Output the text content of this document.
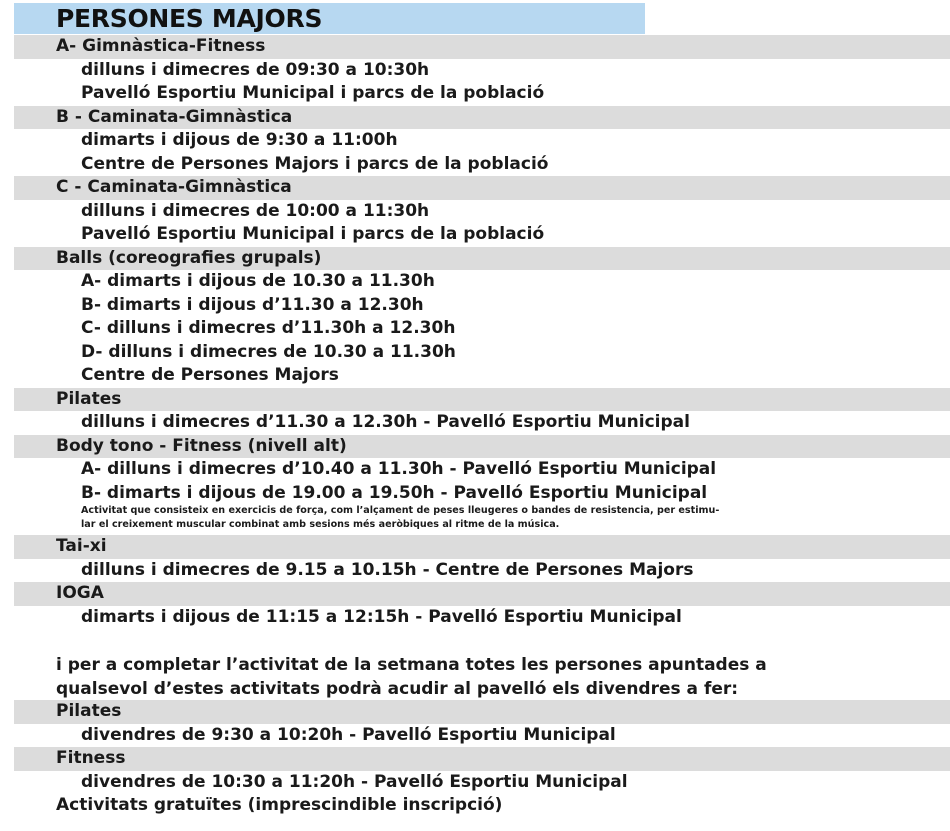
PERSONES MAJORS
A- Gimnàstica-Fitness
dilluns i dimecres de 09:30 a 10:30h
Pavelló Esportiu Municipal i parcs de la població
B - Caminata-Gimnàstica
dimarts i dijous de 9:30 a 11:00h
Centre de Persones Majors i parcs de la població
C - Caminata-Gimnàstica
dilluns i dimecres de 10:00 a 11:30h
Pavelló Esportiu Municipal i parcs de la població
Balls (coreografies grupals)
A- dimarts i dijous de 10.30 a 11.30h
B- dimarts i dijous d’11.30 a 12.30h
C- dilluns i dimecres d’11.30h a 12.30h
D- dilluns i dimecres de 10.30 a 11.30h
Centre de Persones Majors
Pilates
dilluns i dimecres d’11.30 a 12.30h - Pavelló Esportiu Municipal
Body tono - Fitness (nivell alt)
A- dilluns i dimecres d’10.40 a 11.30h - Pavelló Esportiu Municipal
B- dimarts i dijous de 19.00 a 19.50h - Pavelló Esportiu Municipal
Activitat que consisteix en exercicis de força, com l’alçament de peses lleugeres o bandes de resistencia, per estimu-
lar el creixement muscular combinat amb sesions més aeròbiques al ritme de la música.
Tai-xi
dilluns i dimecres de 9.15 a 10.15h - Centre de Persones Majors
IOGA
dimarts i dijous de 11:15 a 12:15h - Pavelló Esportiu Municipal
i per a completar l’activitat de la setmana totes les persones apuntades a
qualsevol d’estes activitats podrà acudir al pavelló els divendres a fer:
Pilates
divendres de 9:30 a 10:20h - Pavelló Esportiu Municipal
Fitness
divendres de 10:30 a 11:20h - Pavelló Esportiu Municipal
Activitats gratuïtes (imprescindible inscripció)
